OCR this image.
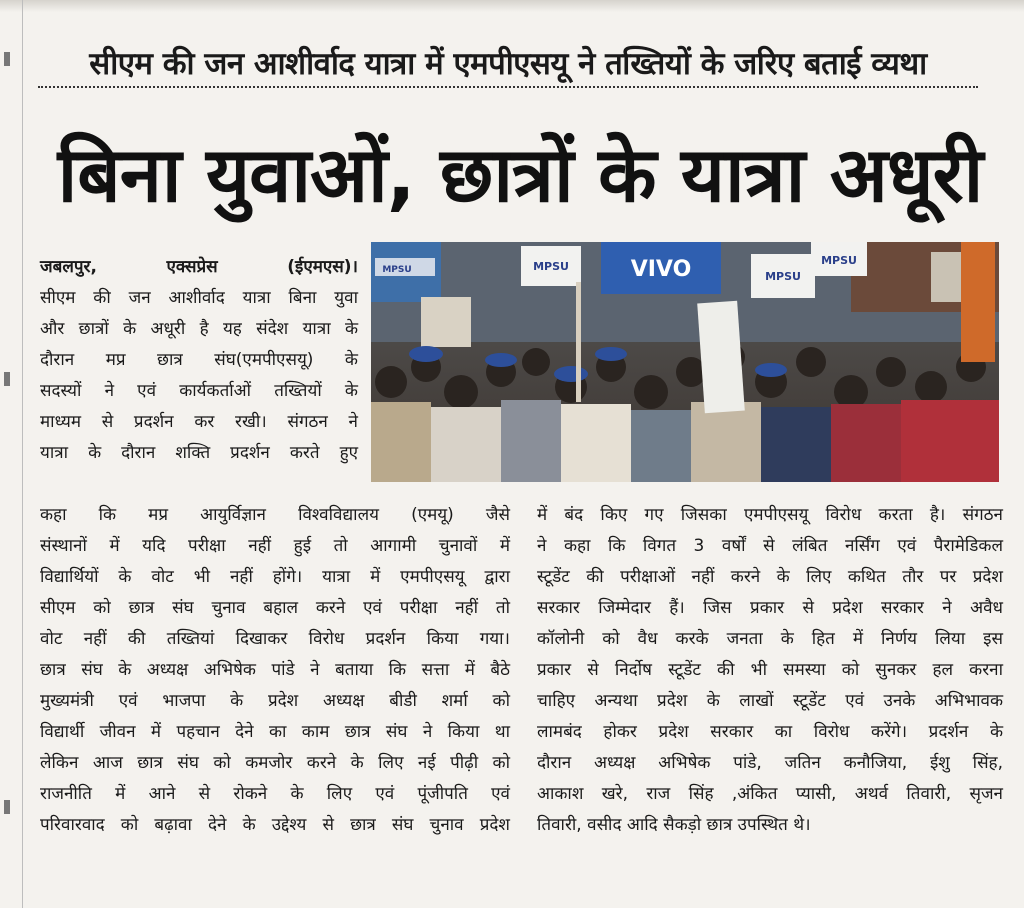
सीएम की जन आशीर्वाद यात्रा में एमपीएसयू ने तख्तियों के जरिए बताई व्यथा
बिना युवाओं, छात्रों के यात्रा अधूरी
MPSU
MPSU
MPSU
MPSU	VIVO

जबलपुर, एक्सप्रेस (ईएमएस)।

सीएम की जन आशीर्वाद यात्रा बिना युवा
और छात्रों के अधूरी है यह संदेश यात्रा के
दौरान मप्र छात्र संघ(एमपीएसयू) के
सदस्यों ने एवं कार्यकर्ताओं तख्तियों के
माध्यम से प्रदर्शन कर रखी। संगठन ने
यात्रा के दौरान शक्ति प्रदर्शन करते हुए

कहा कि मप्र आयुर्विज्ञान विश्वविद्यालय (एमयू) जैसे
संस्थानों में यदि परीक्षा नहीं हुई तो आगामी चुनावों में
विद्यार्थियों के वोट भी नहीं होंगे। यात्रा में एमपीएसयू द्वारा
सीएम को छात्र संघ चुनाव बहाल करने एवं परीक्षा नहीं तो
वोट नहीं की तख्तियां दिखाकर विरोध प्रदर्शन किया गया।
छात्र संघ के अध्यक्ष अभिषेक पांडे ने बताया कि सत्ता में बैठे
मुख्यमंत्री एवं भाजपा के प्रदेश अध्यक्ष बीडी शर्मा को
विद्यार्थी जीवन में पहचान देने का काम छात्र संघ ने किया था
लेकिन आज छात्र संघ को कमजोर करने के लिए नई पीढ़ी को
राजनीति में आने से रोकने के लिए एवं पूंजीपति एवं
परिवारवाद को बढ़ावा देने के उद्देश्य से छात्र संघ चुनाव प्रदेश

में बंद किए गए जिसका एमपीएसयू विरोध करता है। संगठन
ने कहा कि विगत 3 वर्षों से लंबित नर्सिंग एवं पैरामेडिकल
स्टूडेंट की परीक्षाओं नहीं करने के लिए कथित तौर पर प्रदेश
सरकार जिम्मेदार हैं। जिस प्रकार से प्रदेश सरकार ने अवैध
कॉलोनी को वैध करके जनता के हित में निर्णय लिया इस
प्रकार से निर्दोष स्टूडेंट की भी समस्या को सुनकर हल करना
चाहिए अन्यथा प्रदेश के लाखों स्टूडेंट एवं उनके अभिभावक
लामबंद होकर प्रदेश सरकार का विरोध करेंगे। प्रदर्शन के
दौरान अध्यक्ष अभिषेक पांडे, जतिन कनौजिया, ईशु सिंह,
आकाश खरे, राज सिंह ,अंकित प्यासी, अथर्व तिवारी, सृजन
तिवारी, वसीद आदि सैकड़ो छात्र उपस्थित थे।
